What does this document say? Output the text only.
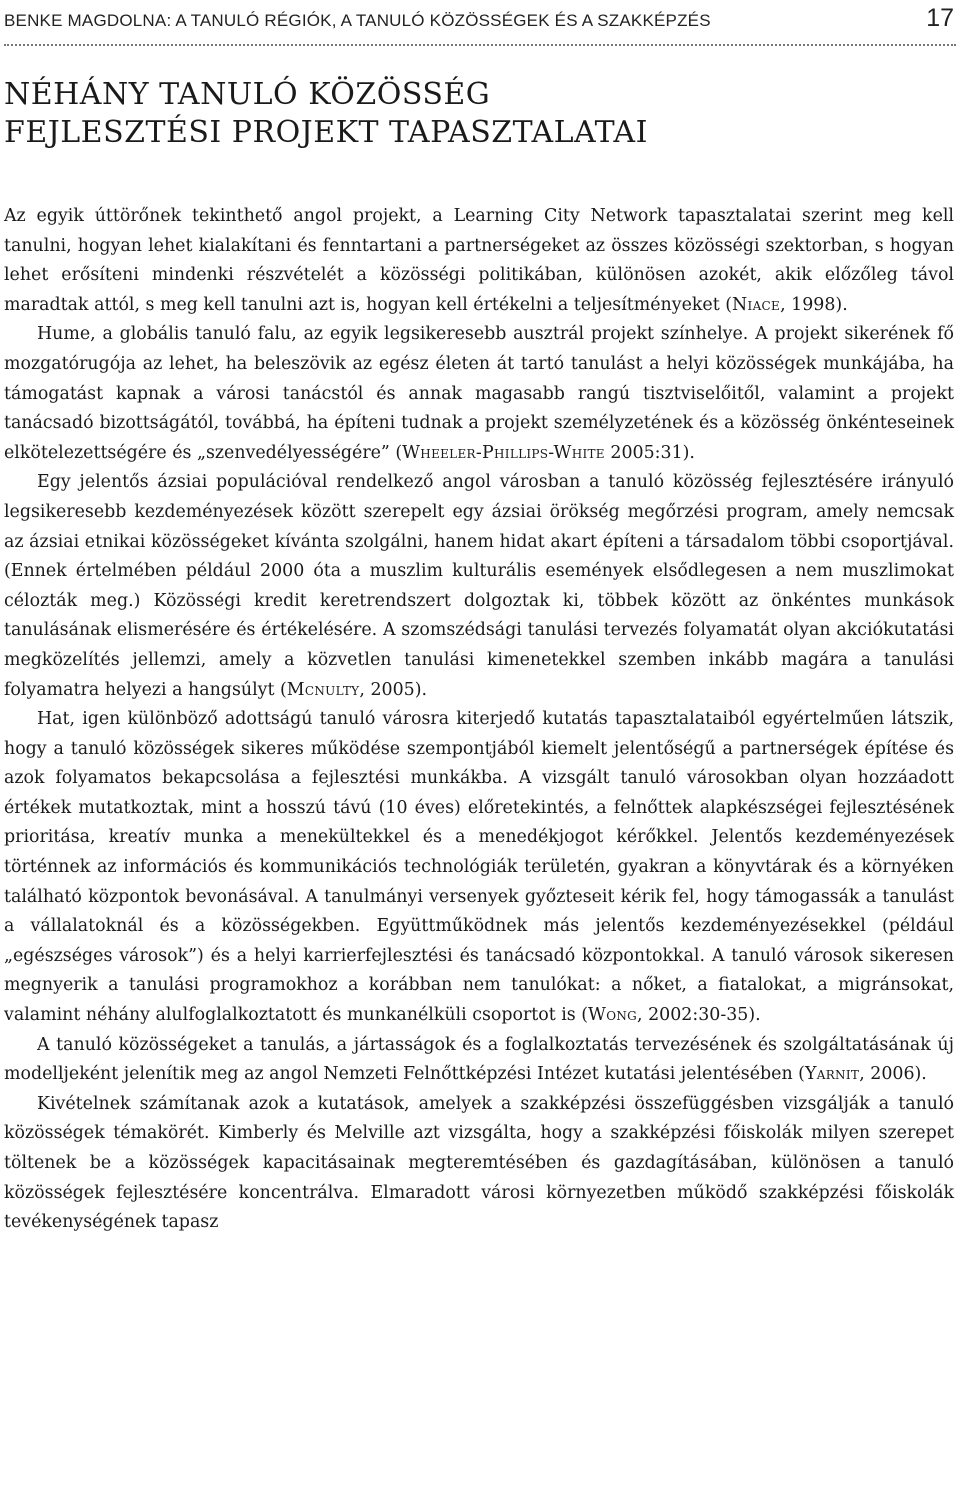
BENKE MAGDOLNA: A TANULÓ RÉGIÓK, A TANULÓ KÖZÖSSÉGEK ÉS A SZAKKÉPZÉS	17
NÉHÁNY TANULÓ KÖZÖSSÉG
FEJLESZTÉSI PROJEKT TAPASZTALATAI

Az egyik úttörőnek tekinthető angol projekt, a Learning City Network tapasztalatai szerint meg kell tanulni, hogyan lehet kialakítani és fenntartani a partnerségeket az összes közösségi szektorban, s hogyan lehet erősíteni mindenki részvételét a közösségi politikában, különösen azokét, akik előzőleg távol maradtak attól, s meg kell tanulni azt is, hogyan kell értékelni a teljesítményeket (Niace, 1998).

Hume, a globális tanuló falu, az egyik legsikeresebb ausztrál projekt színhelye. A projekt sikerének fő mozgatórugója az lehet, ha beleszövik az egész életen át tartó tanulást a helyi közösségek munkájába, ha támogatást kapnak a városi tanácstól és annak magasabb rangú tisztviselőitől, valamint a projekt tanácsadó bizottságától, továbbá, ha építeni tudnak a projekt személyzetének és a közösség önkénteseinek elkötelezettségére és „szenvedélyességére” (Wheeler-Phillips-White 2005:31).

Egy jelentős ázsiai populációval rendelkező angol városban a tanuló közösség fejlesztésére irányuló legsikeresebb kezdeményezések között szerepelt egy ázsiai örökség megőrzési program, amely nemcsak az ázsiai etnikai közösségeket kívánta szolgálni, hanem hidat akart építeni a társadalom többi csoportjával. (Ennek értelmében például 2000 óta a muszlim kulturális események elsődlegesen a nem muszlimokat célozták meg.) Közösségi kredit keretrendszert dolgoztak ki, többek között az önkéntes munkások tanulásának elismerésére és értékelésére. A szomszédsági tanulási tervezés folyamatát olyan akciókutatási megközelítés jellemzi, amely a közvetlen tanulási kimenetekkel szemben inkább magára a tanulási folyamatra helyezi a hangsúlyt (Mcnulty, 2005).

Hat, igen különböző adottságú tanuló városra kiterjedő kutatás tapasztalataiból egyértelműen látszik, hogy a tanuló közösségek sikeres működése szempontjából kiemelt jelentőségű a partnerségek építése és azok folyamatos bekapcsolása a fejlesztési munkákba. A vizsgált tanuló városokban olyan hozzáadott értékek mutatkoztak, mint a hosszú távú (10 éves) előretekintés, a felnőttek alapkészségei fejlesztésének prioritása, kreatív munka a menekültekkel és a menedékjogot kérőkkel. Jelentős kezdeményezések történnek az információs és kommunikációs technológiák területén, gyakran a könyvtárak és a környéken található központok bevonásával. A tanulmányi versenyek győzteseit kérik fel, hogy támogassák a tanulást a vállalatoknál és a közösségekben. Együttműködnek más jelentős kezdeményezésekkel (például „egészséges városok”) és a helyi karrierfejlesztési és tanácsadó központokkal. A tanuló városok sikeresen megnyerik a tanulási programokhoz a korábban nem tanulókat: a nőket, a fiatalokat, a migránsokat, valamint néhány alulfoglalkoztatott és munkanélküli csoportot is (Wong, 2002:30-35).

A tanuló közösségeket a tanulás, a jártasságok és a foglalkoztatás tervezésének és szolgáltatásának új modelljeként jelenítik meg az angol Nemzeti Felnőttképzési Intézet kutatási jelentésében (Yarnit, 2006).

Kivételnek számítanak azok a kutatások, amelyek a szakképzési összefüggésben vizsgálják a tanuló közösségek témakörét. Kimberly és Melville azt vizsgálta, hogy a szakképzési főiskolák milyen szerepet töltenek be a közösségek kapacitásainak megteremtésében és gazdagításában, különösen a tanuló közösségek fejlesztésére koncentrálva. Elmaradott városi környezetben működő szakképzési főiskolák tevékenységének tapasz
